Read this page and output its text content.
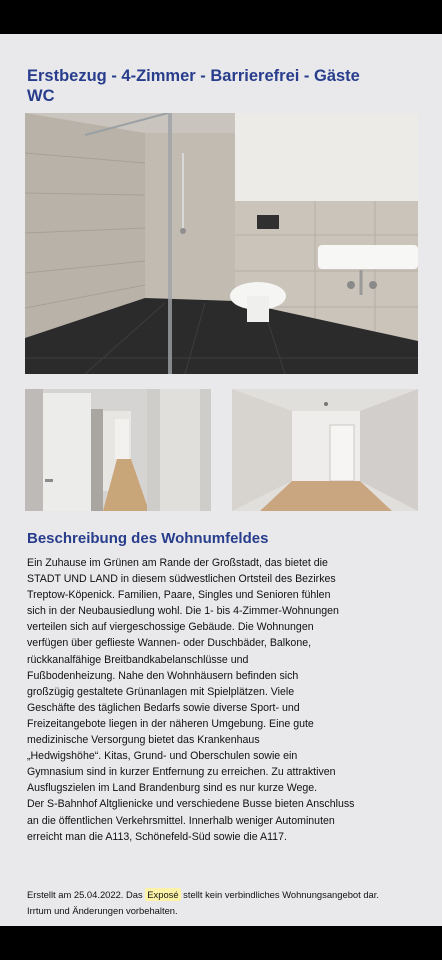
Erstbezug - 4-Zimmer - Barrierefrei - Gäste WC
Beschreibung des Wohnumfeldes

Ein Zuhause im Grünen am Rande der Großstadt, das bietet die
STADT UND LAND in diesem südwestlichen Ortsteil des Bezirkes
Treptow-Köpenick. Familien, Paare, Singles und Senioren fühlen
sich in der Neubausiedlung wohl. Die 1- bis 4-Zimmer-Wohnungen
verteilen sich auf viergeschossige Gebäude. Die Wohnungen
verfügen über geflieste Wannen- oder Duschbäder, Balkone,
rückkanalfähige Breitbandkabelanschlüsse und
Fußbodenheizung. Nahe den Wohnhäusern befinden sich
großzügig gestaltete Grünanlagen mit Spielplätzen. Viele
Geschäfte des täglichen Bedarfs sowie diverse Sport- und
Freizeitangebote liegen in der näheren Umgebung. Eine gute
medizinische Versorgung bietet das Krankenhaus
„Hedwigshöhe“. Kitas, Grund- und Oberschulen sowie ein
Gymnasium sind in kurzer Entfernung zu erreichen. Zu attraktiven
Ausflugszielen im Land Brandenburg sind es nur kurze Wege.
Der S-Bahnhof Altglienicke und verschiedene Busse bieten Anschluss
an die öffentlichen Verkehrsmittel. Innerhalb weniger Autominuten
erreicht man die A113, Schönefeld-Süd sowie die A117.

Erstellt am 25.04.2022. Das Exposé stellt kein verbindliches Wohnungsangebot dar.
Irrtum und Änderungen vorbehalten.
